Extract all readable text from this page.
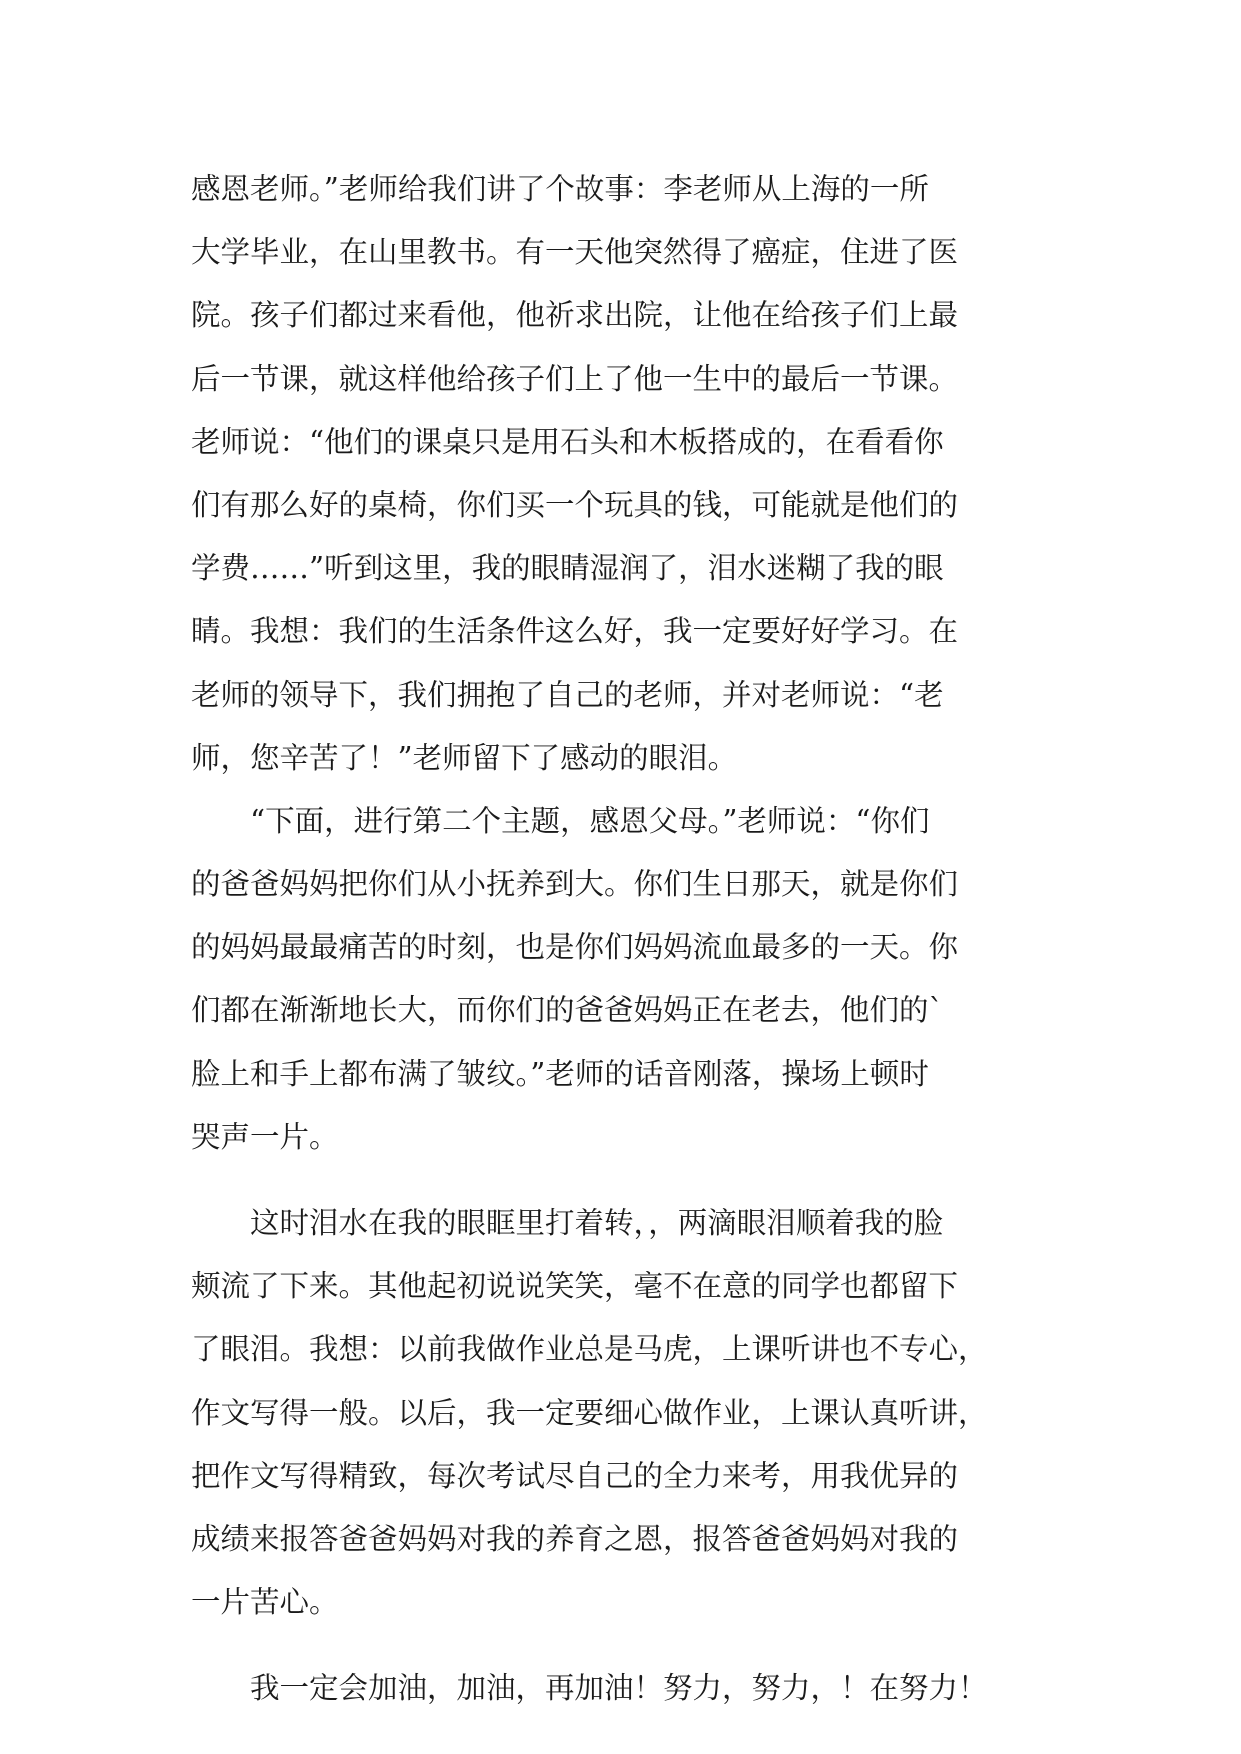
感恩老师。”老师给我们讲了个故事：李老师从上海的一所
大学毕业，在山里教书。有一天他突然得了癌症，住进了医
院。孩子们都过来看他，他祈求出院，让他在给孩子们上最
后一节课，就这样他给孩子们上了他一生中的最后一节课。
老师说：“他们的课桌只是用石头和木板搭成的，在看看你
们有那么好的桌椅，你们买一个玩具的钱，可能就是他们的
学费……”听到这里，我的眼睛湿润了，泪水迷糊了我的眼
睛。我想：我们的生活条件这么好，我一定要好好学习。在
老师的领导下，我们拥抱了自己的老师，并对老师说：“老
师，您辛苦了！”老师留下了感动的眼泪。
　　“下面，进行第二个主题，感恩父母。”老师说：“你们
的爸爸妈妈把你们从小抚养到大。你们生日那天，就是你们
的妈妈最最痛苦的时刻，也是你们妈妈流血最多的一天。你
们都在渐渐地长大，而你们的爸爸妈妈正在老去，他们的`
脸上和手上都布满了皱纹。”老师的话音刚落，操场上顿时
哭声一片。
　　这时泪水在我的眼眶里打着转，，两滴眼泪顺着我的脸
颊流了下来。其他起初说说笑笑，毫不在意的同学也都留下
了眼泪。我想：以前我做作业总是马虎，上课听讲也不专心，
作文写得一般。以后，我一定要细心做作业，上课认真听讲，
把作文写得精致，每次考试尽自己的全力来考，用我优异的
成绩来报答爸爸妈妈对我的养育之恩，报答爸爸妈妈对我的
一片苦心。
　　我一定会加油，加油，再加油！努力，努力，！在努力！
